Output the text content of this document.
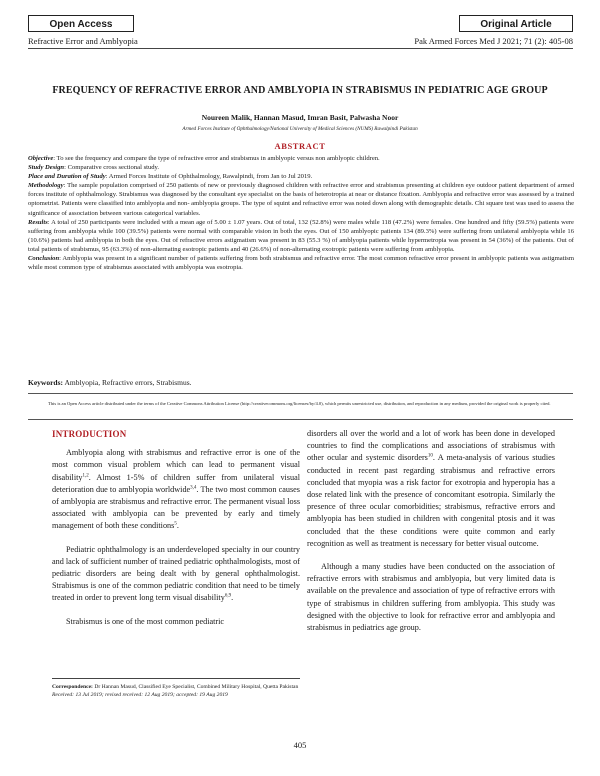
Open Access	Original Article
Refractive Error and Amblyopia	Pak Armed Forces Med J 2021; 71 (2): 405-08
FREQUENCY OF REFRACTIVE ERROR AND AMBLYOPIA IN STRABISMUS IN PEDIATRIC AGE GROUP
Noureen Malik, Hannan Masud, Imran Basit, Palwasha Noor
Armed Forces Institute of Ophthalmology/National University of Medical Sciences (NUMS) Rawalpindi Pakistan
ABSTRACT

Objective: To see the frequency and compare the type of refractive error and strabismus in amblyopic versus non amblyopic children.

Study Design: Comparative cross sectional study.

Place and Duration of Study: Armed Forces Institute of Ophthalmology, Rawalpindi, from Jan to Jul 2019.

Methodology: The sample population comprised of 250 patients of new or previously diagnosed children with refractive error and strabismus presenting at children eye outdoor patient department of armed forces institute of ophthalmology. Strabismus was diagnosed by the consultant eye specialist on the basis of heterotropia at near or distance fixation. Amblyopia and refractive error was assessed by a trained optometrist. Patients were classified into amblyopia and non- amblyopia groups. The type of squint and refractive error was noted down along with demographic details. Chi square test was used to assess the significance of association between various categorical variables.

Results: A total of 250 participants were included with a mean age of 5.00 ± 1.07 years. Out of total, 132 (52.8%) were males while 118 (47.2%) were females. One hundred and fifty (59.5%) patients were suffering from amblyopia while 100 (39.5%) patients were normal with comparable vision in both the eyes. Out of 150 amblyopic patients 134 (89.3%) were suffering from unilateral amblyopia while 16 (10.6%) patients had amblyopia in both the eyes. Out of refractive errors astigmatism was present in 83 (55.3 %) of amblyopia patients while hypermetropia was present in 54 (36%) of the patients. Out of total patients of strabismus, 95 (63.3%) of non-alternating esotropic patients and 40 (26.6%) of non-alternating exotropic patients were suffering from amblyopia.

Conclusion: Amblyopia was present in a significant number of patients suffering from both strabismus and refractive error. The most common refractive error present in amblyopic patients was astigmatism while most common type of strabismus associated with amblyopia was esotropia.

Keywords: Amblyopia, Refractive errors, Strabismus.
This is an Open Access article distributed under the terms of the Creative Commons Attribution License (http://creativecommons.org/licenses/by/4.0), which permits unrestricted use, distribution, and reproduction in any medium, provided the original work is properly cited.
INTRODUCTION

Amblyopia along with strabismus and refractive error is one of the most common visual problem which can lead to permanent visual disability$^{1,2}$. Almost 1-5% of children suffer from unilateral visual deterioration due to amblyopia worldwide$^{3,4}$. The two most common causes of amblyopia are strabismus and refractive error. The permanent visual loss associated with amblyopia can be prevented by early and timely management of both these conditions$^5$.

Pediatric ophthalmology is an underdeveloped specialty in our country and lack of sufficient number of trained pediatric ophthalmologists, most of pediatric disorders are being dealt with by general ophthalmologist. Strabismus is one of the common pediatric condition that need to be timely treated in order to prevent long term visual disability$^{6,9}$.

Strabismus is one of the most common pediatric

disorders all over the world and a lot of work has been done in developed countries to find the complications and associations of strabismus with other ocular and systemic disorders$^{10}$. A meta-analysis of various studies conducted in recent past regarding strabismus and refractive errors concluded that myopia was a risk factor for exotropia and hyperopia has a dose related link with the presence of concomitant esotropia. Similarly the presence of three ocular comorbidities; strabismus, refractive errors and amblyopia has been studied in children with congenital ptosis and it was concluded that the these conditions were quite common and early recognition as well as treatment is necessary for better visual outcome.

Although a many studies have been conducted on the association of refractive errors with strabismus and amblyopia, but very limited data is available on the prevalence and association of type of refractive errors with type of strabismus in children suffering from amblyopia. This study was designed with the objective to look for refractive error and amblyopia and strabismus in pediatrics age group.

Correspondence: Dr Hannan Masud, Classified Eye Specialist, Combined Military Hospital, Quetta Pakistan
Received: 13 Jul 2019; revised received: 12 Aug 2019; accepted: 19 Aug 2019
405
